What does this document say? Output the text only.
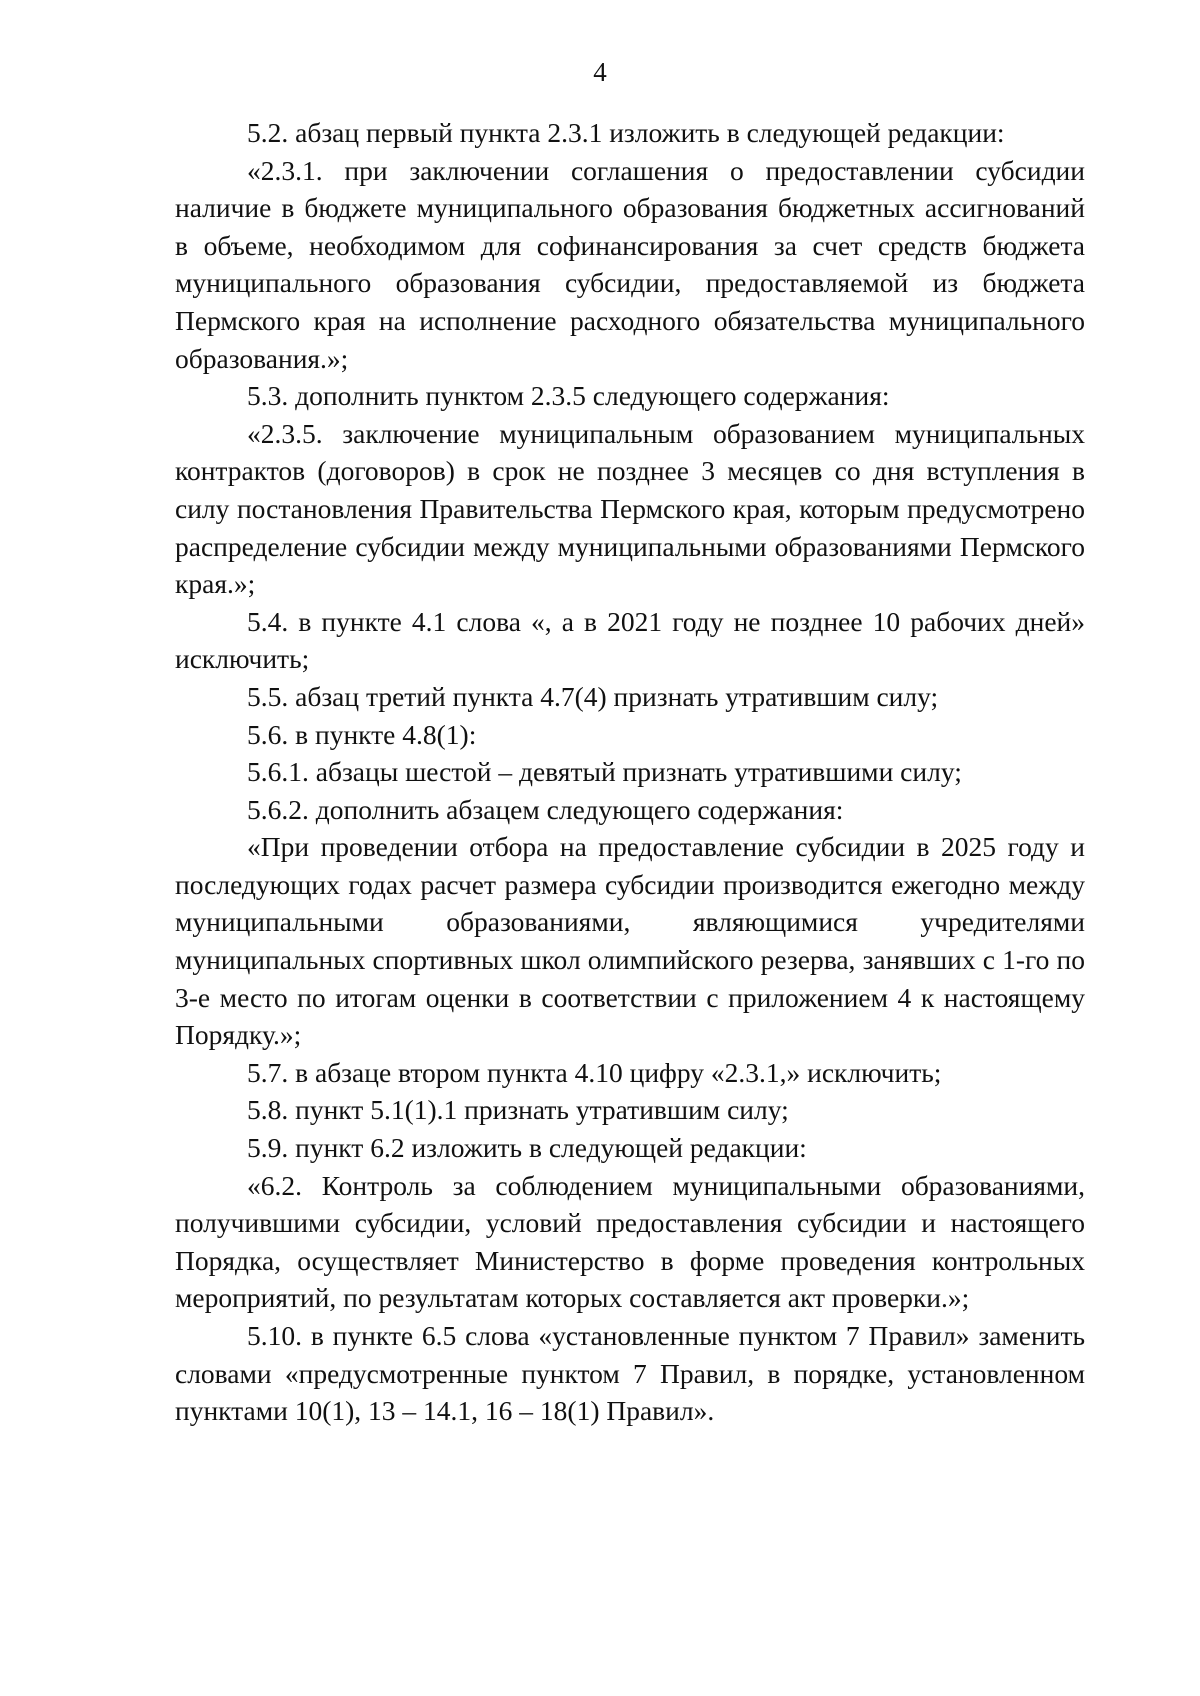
4

5.2. абзац первый пункта 2.3.1 изложить в следующей редакции:

«2.3.1. при заключении соглашения о предоставлении субсидии наличие в бюджете муниципального образования бюджетных ассигнований в объеме, необходимом для софинансирования за счет средств бюджета муниципального образования субсидии, предоставляемой из бюджета Пермского края на исполнение расходного обязательства муниципального образования.»;

5.3. дополнить пунктом 2.3.5 следующего содержания:

«2.3.5. заключение муниципальным образованием муниципальных контрактов (договоров) в срок не позднее 3 месяцев со дня вступления в силу постановления Правительства Пермского края, которым предусмотрено распределение субсидии между муниципальными образованиями Пермского края.»;

5.4. в пункте 4.1 слова «, а в 2021 году не позднее 10 рабочих дней» исключить;

5.5. абзац третий пункта 4.7(4) признать утратившим силу;

5.6. в пункте 4.8(1):

5.6.1. абзацы шестой – девятый признать утратившими силу;

5.6.2. дополнить абзацем следующего содержания:

«При проведении отбора на предоставление субсидии в 2025 году и последующих годах расчет размера субсидии производится ежегодно между муниципальными образованиями, являющимися учредителями муниципальных спортивных школ олимпийского резерва, занявших с 1-го по 3-е место по итогам оценки в соответствии с приложением 4 к настоящему Порядку.»;

5.7. в абзаце втором пункта 4.10 цифру «2.3.1,» исключить;

5.8. пункт 5.1(1).1 признать утратившим силу;

5.9. пункт 6.2 изложить в следующей редакции:

«6.2. Контроль за соблюдением муниципальными образованиями, получившими субсидии, условий предоставления субсидии и настоящего Порядка, осуществляет Министерство в форме проведения контрольных мероприятий, по результатам которых составляется акт проверки.»;

5.10. в пункте 6.5 слова «установленные пунктом 7 Правил» заменить словами «предусмотренные пунктом 7 Правил, в порядке, установленном пунктами 10(1), 13 – 14.1, 16 – 18(1) Правил».
